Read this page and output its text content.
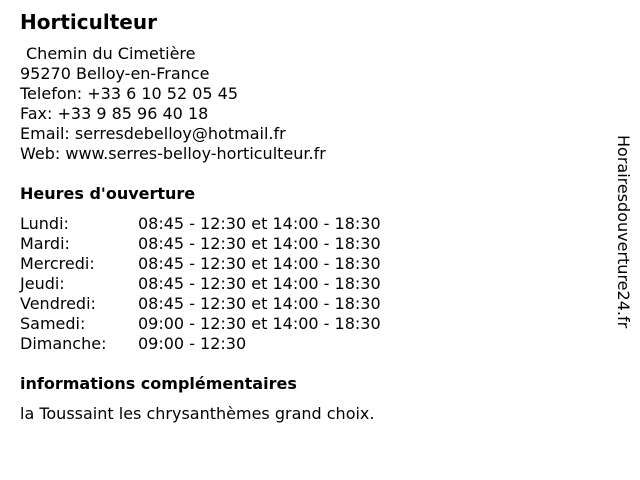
Horticulteur
Chemin du Cimetière
95270 Belloy-en-France
Telefon: +33 6 10 52 05 45
Fax: +33 9 85 96 40 18
Email: serresdebelloy@hotmail.fr
Web: www.serres-belloy-horticulteur.fr
Heures d'ouverture
Lundi:	08:45 - 12:30 et 14:00 - 18:30
Mardi:	08:45 - 12:30 et 14:00 - 18:30
Mercredi:	08:45 - 12:30 et 14:00 - 18:30
Jeudi:	08:45 - 12:30 et 14:00 - 18:30
Vendredi:	08:45 - 12:30 et 14:00 - 18:30
Samedi:	09:00 - 12:30 et 14:00 - 18:30
Dimanche:	09:00 - 12:30
informations complémentaires
la Toussaint les chrysanthèmes grand choix.
Horairesdouverture24.fr
